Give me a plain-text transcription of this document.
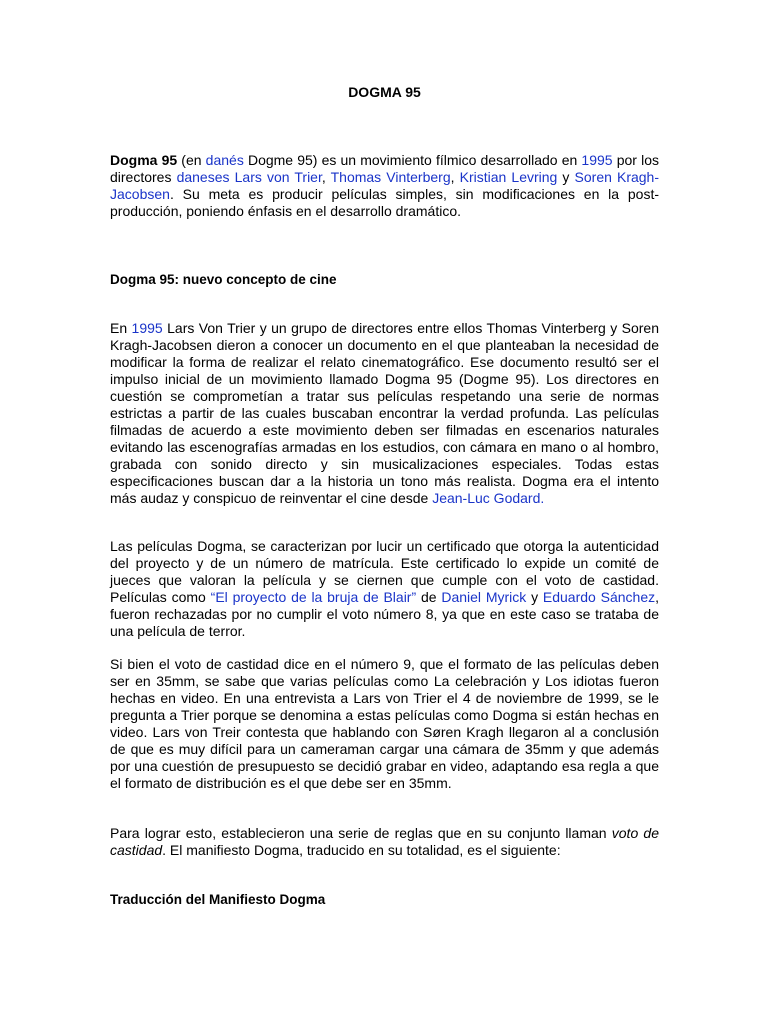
DOGMA 95

Dogma 95 (en danés Dogme 95) es un movimiento fílmico desarrollado en 1995 por los directores daneses Lars von Trier, Thomas Vinterberg, Kristian Levring y Soren Kragh-Jacobsen. Su meta es producir películas simples, sin modificaciones en la post-producción, poniendo énfasis en el desarrollo dramático.

Dogma 95: nuevo concepto de cine

En 1995 Lars Von Trier y un grupo de directores entre ellos Thomas Vinterberg y Soren Kragh-Jacobsen dieron a conocer un documento en el que planteaban la necesidad de modificar la forma de realizar el relato cinematográfico. Ese documento resultó ser el impulso inicial de un movimiento llamado Dogma 95 (Dogme 95). Los directores en cuestión se comprometían a tratar sus películas respetando una serie de normas estrictas a partir de las cuales buscaban encontrar la verdad profunda. Las películas filmadas de acuerdo a este movimiento deben ser filmadas en escenarios naturales evitando las escenografías armadas en los estudios, con cámara en mano o al hombro, grabada con sonido directo y sin musicalizaciones especiales. Todas estas especificaciones buscan dar a la historia un tono más realista. Dogma era el intento más audaz y conspicuo de reinventar el cine desde Jean-Luc Godard.

Las películas Dogma, se caracterizan por lucir un certificado que otorga la autenticidad del proyecto y de un número de matrícula. Este certificado lo expide un comité de jueces que valoran la película y se ciernen que cumple con el voto de castidad. Películas como “El proyecto de la bruja de Blair” de Daniel Myrick y Eduardo Sánchez, fueron rechazadas por no cumplir el voto número 8, ya que en este caso se trataba de una película de terror.

Si bien el voto de castidad dice en el número 9, que el formato de las películas deben ser en 35mm, se sabe que varias películas como La celebración y Los idiotas fueron hechas en video. En una entrevista a Lars von Trier el 4 de noviembre de 1999, se le pregunta a Trier porque se denomina a estas películas como Dogma si están hechas en video. Lars von Treir contesta que hablando con Søren Kragh llegaron al a conclusión de que es muy difícil para un cameraman cargar una cámara de 35mm y que además por una cuestión de presupuesto se decidió grabar en video, adaptando esa regla a que el formato de distribución es el que debe ser en 35mm.

Para lograr esto, establecieron una serie de reglas que en su conjunto llaman voto de castidad. El manifiesto Dogma, traducido en su totalidad, es el siguiente:

Traducción del Manifiesto Dogma
